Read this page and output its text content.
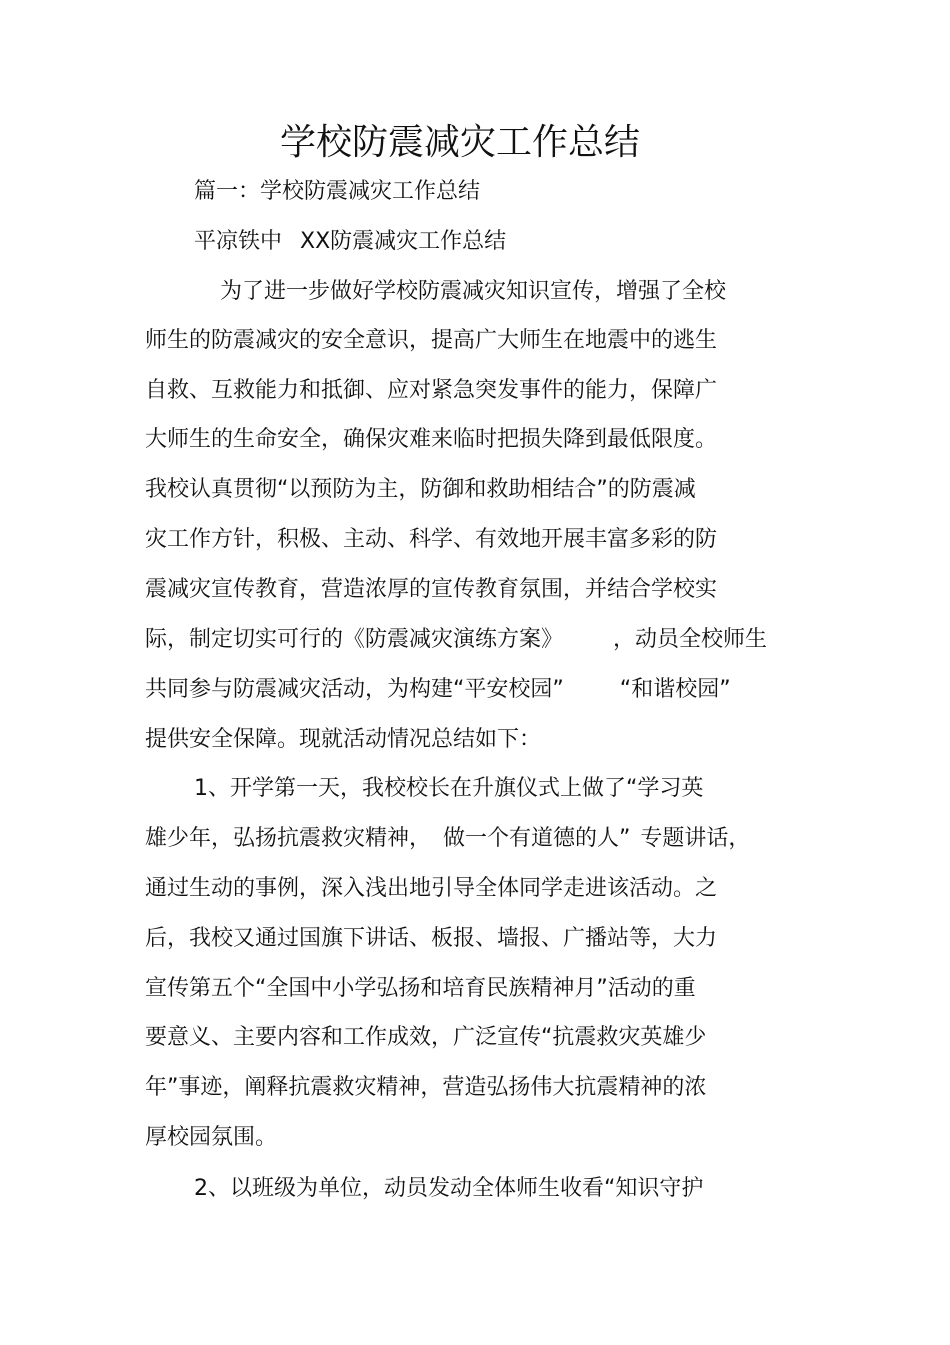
学校防震减灾工作总结
篇一：学校防震减灾工作总结
平凉铁中 XX防震减灾工作总结
为了进一步做好学校防震减灾知识宣传，增强了全校
师生的防震减灾的安全意识，提高广大师生在地震中的逃生
自救、互救能力和抵御、应对紧急突发事件的能力，保障广
大师生的生命安全，确保灾难来临时把损失降到最低限度。
我校认真贯彻“以预防为主，防御和救助相结合”的防震减
灾工作方针，积极、主动、科学、有效地开展丰富多彩的防
震减灾宣传教育，营造浓厚的宣传教育氛围，并结合学校实
际，制定切实可行的《防震减灾演练方案》 ，动员全校师生
共同参与防震减灾活动，为构建“平安校园”	“和谐校园”
提供安全保障。现就活动情况总结如下：
1、开学第一天，我校校长在升旗仪式上做了“学习英
雄少年，弘扬抗震救灾精神， 做一个有道德的人” 专题讲话，
通过生动的事例，深入浅出地引导全体同学走进该活动。之
后，我校又通过国旗下讲话、板报、墙报、广播站等，大力
宣传第五个“全国中小学弘扬和培育民族精神月”活动的重
要意义、主要内容和工作成效，广泛宣传“抗震救灾英雄少
年”事迹，阐释抗震救灾精神，营造弘扬伟大抗震精神的浓
厚校园氛围。
2、以班级为单位，动员发动全体师生收看“知识守护
